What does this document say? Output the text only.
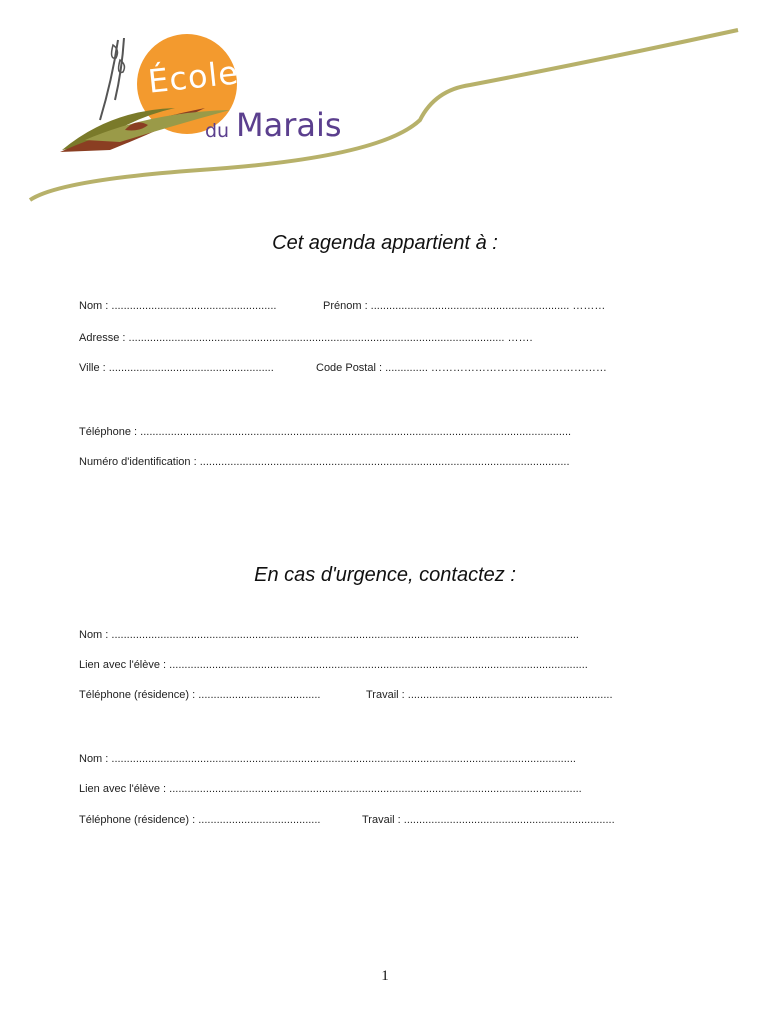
École
du Marais
Cet agenda appartient à :
Nom : ......................................................	Prénom : ................................................................. ………
Adresse : ........................................................................................................................... …….
Ville : ......................................................	Code Postal : .............. …………………………………………
Téléphone : .............................................................................................................................................
Numéro d'identification : .........................................................................................................................
En cas d'urgence, contactez :
Nom : .........................................................................................................................................................
Lien avec l'élève : .........................................................................................................................................
Téléphone (résidence) : ........................................	Travail : ...................................................................
Nom : ........................................................................................................................................................
Lien avec l'élève : .......................................................................................................................................
Téléphone (résidence) : ........................................	Travail : .....................................................................
1
